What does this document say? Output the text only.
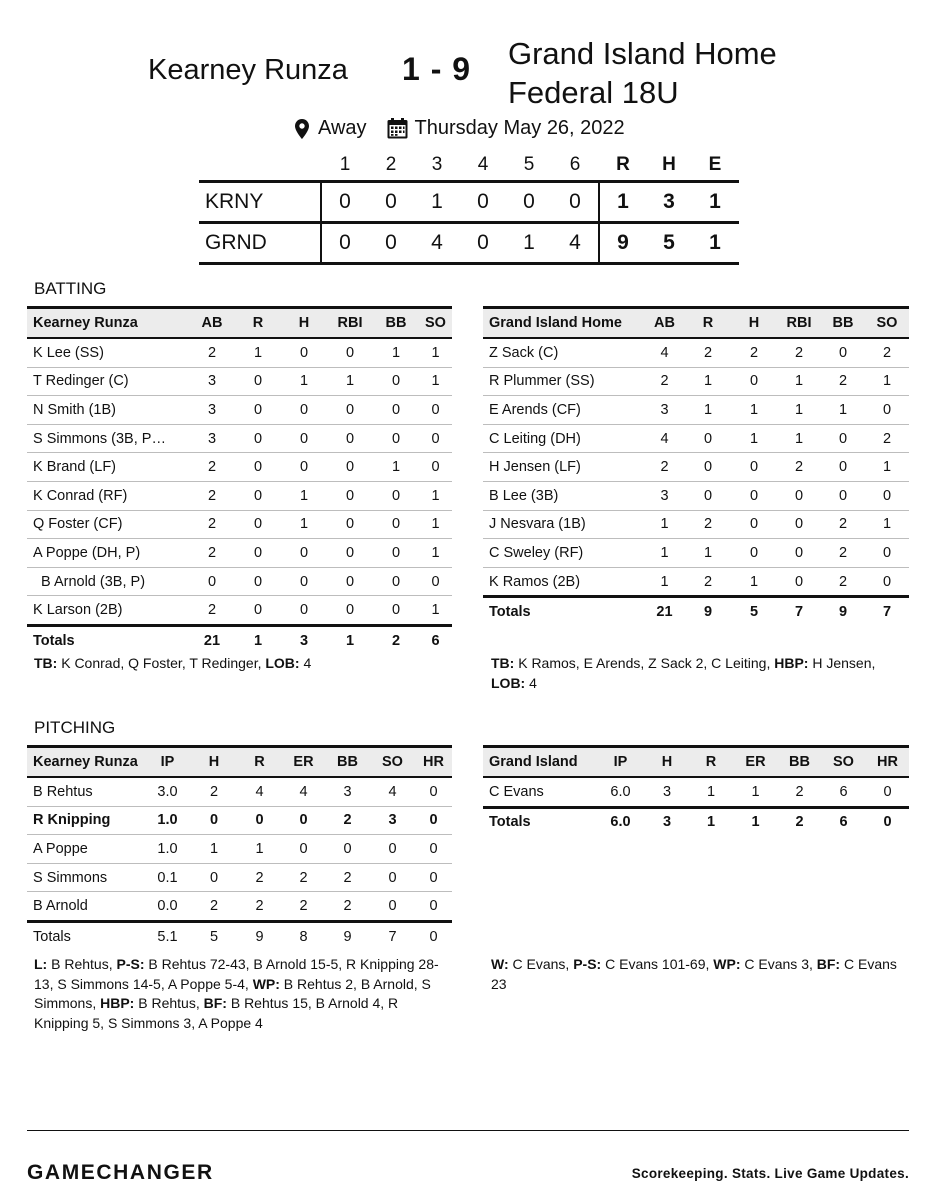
Kearney Runza 1 - 9 Grand Island Home Federal 18U
Away Thursday May 26, 2022
1	2	3	4	5	6	R	H	E
KRNY	0	0	1	0	0	0	1	3	1
GRND	0	0	4	0	1	4	9	5	1
BATTING
Kearney Runza	AB	R	H	RBI	BB	SO
K Lee (SS)	2	1	0	0	1	1
T Redinger (C)	3	0	1	1	0	1
N Smith (1B)	3	0	0	0	0	0
S Simmons (3B, P…	3	0	0	0	0	0
K Brand (LF)	2	0	0	0	1	0
K Conrad (RF)	2	0	1	0	0	1
Q Foster (CF)	2	0	1	0	0	1
A Poppe (DH, P)	2	0	0	0	0	1
B Arnold (3B, P)	0	0	0	0	0	0
K Larson (2B)	2	0	0	0	0	1
Totals	21	1	3	1	2	6
Grand Island Home	AB	R	H	RBI	BB	SO
Z Sack (C)	4	2	2	2	0	2
R Plummer (SS)	2	1	0	1	2	1
E Arends (CF)	3	1	1	1	1	0
C Leiting (DH)	4	0	1	1	0	2
H Jensen (LF)	2	0	0	2	0	1
B Lee (3B)	3	0	0	0	0	0
J Nesvara (1B)	1	2	0	0	2	1
C Sweley (RF)	1	1	0	0	2	0
K Ramos (2B)	1	2	1	0	2	0
Totals	21	9	5	7	9	7
TB: K Conrad, Q Foster, T Redinger, LOB: 4	TB: K Ramos, E Arends, Z Sack 2, C Leiting, HBP: H Jensen, LOB: 4
PITCHING
Kearney Runza	IP	H	R	ER	BB	SO	HR
B Rehtus	3.0	2	4	4	3	4	0
R Knipping	1.0	0	0	0	2	3	0
A Poppe	1.0	1	1	0	0	0	0
S Simmons	0.1	0	2	2	2	0	0
B Arnold	0.0	2	2	2	2	0	0
Totals	5.1	5	9	8	9	7	0
Grand Island	IP	H	R	ER	BB	SO	HR
C Evans	6.0	3	1	1	2	6	0
Totals	6.0	3	1	1	2	6	0
L: B Rehtus, P-S: B Rehtus 72-43, B Arnold 15-5, R Knipping 28-13, S Simmons 14-5, A Poppe 5-4, WP: B Rehtus 2, B Arnold, S Simmons, HBP: B Rehtus, BF: B Rehtus 15, B Arnold 4, R Knipping 5, S Simmons 3, A Poppe 4
W: C Evans, P-S: C Evans 101-69, WP: C Evans 3, BF: C Evans 23
GAMECHANGER	Scorekeeping. Stats. Live Game Updates.
